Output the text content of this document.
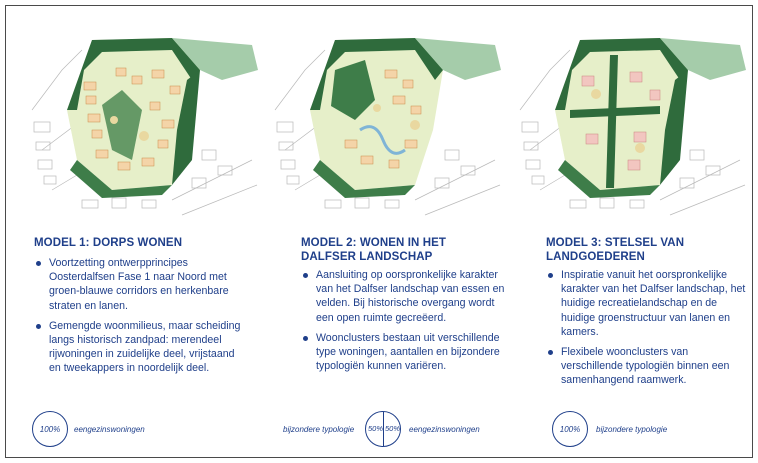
MODEL 1: DORPS WONEN
Voortzetting ontwerpprincipes Oosterdalfsen Fase 1 naar Noord met groen-blauwe corridors en herkenbare straten en lanen.
Gemengde woonmilieus, maar scheiding langs historisch zandpad: merendeel rijwoningen in zuidelijke deel, vrijstaand en tweekappers in noordelijk deel.
100%	eengezinswoningen
MODEL 2: WONEN IN HET DALFSER LANDSCHAP
Aansluiting op oorspronkelijke karakter van het Dalfser landschap van essen en velden. Bij historische overgang wordt een open ruimte gecreëerd.
Woonclusters bestaan uit verschillende type woningen, aantallen en bijzondere typologiën kunnen variëren.
bijzondere typologie 50% 50% eengezinswoningen
MODEL 3: STELSEL VAN LANDGOEDEREN
Inspiratie vanuit het oorspronkelijke karakter van het Dalfser landschap, het huidige recreatielandschap en de huidige groenstructuur van lanen en kamers.
Flexibele woonclusters van verschillende typologiën binnen een samenhangend raamwerk.
100%	bijzondere typologie
